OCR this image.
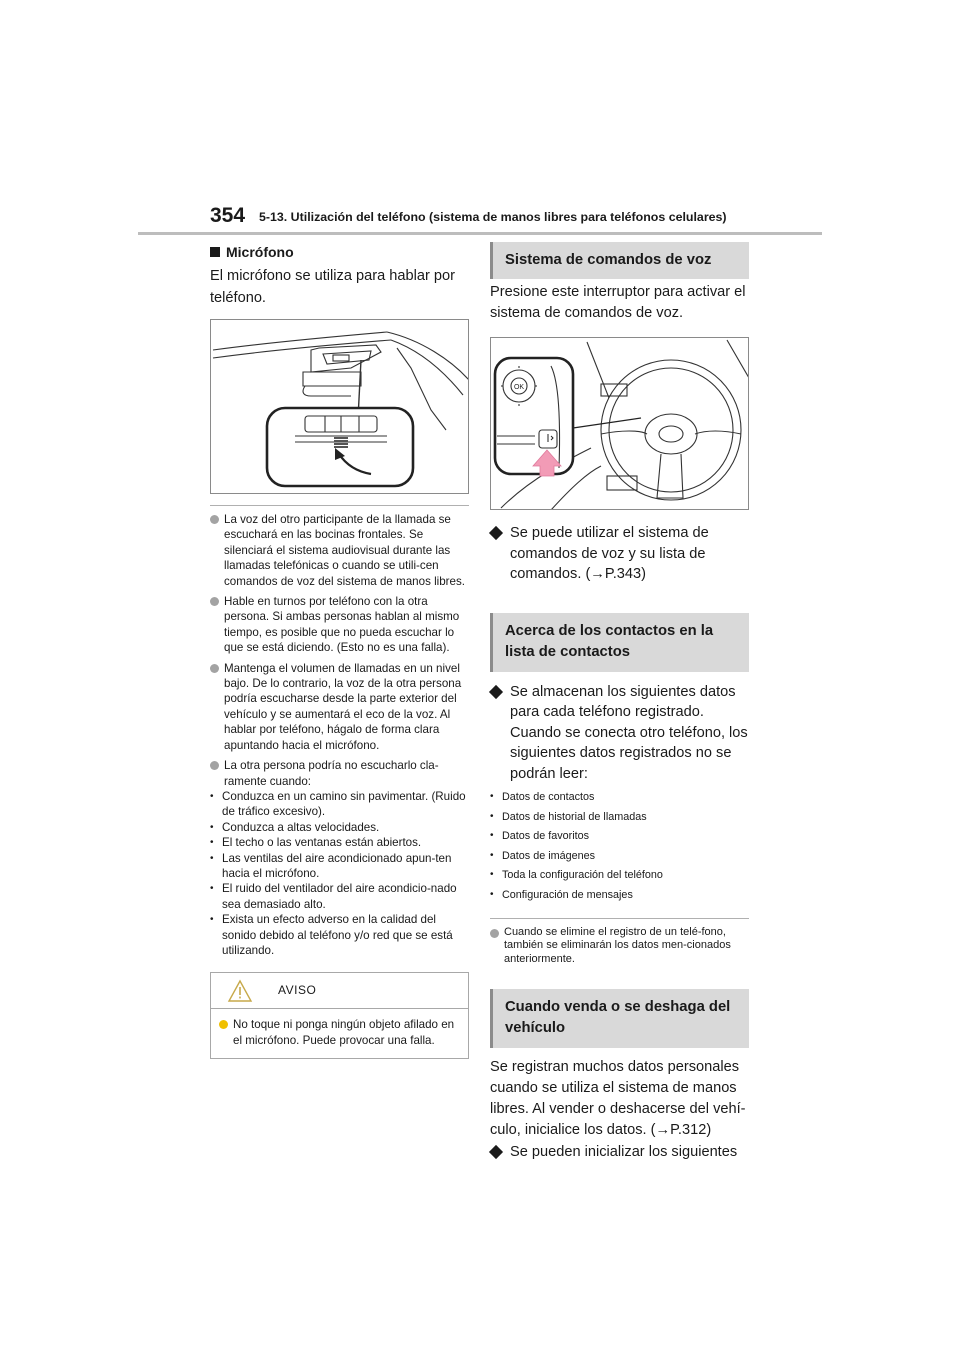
354 5-13. Utilización del teléfono (sistema de manos libres para teléfonos celulares)
Micrófono

El micrófono se utiliza para hablar por teléfono.

La voz del otro participante de la llamada se escuchará en las bocinas frontales. Se silenciará el sistema audiovisual durante las llamadas telefónicas o cuando se utili-cen comandos de voz del sistema de manos libres.
Hable en turnos por teléfono con la otra persona. Si ambas personas hablan al mismo tiempo, es posible que no pueda escuchar lo que se está diciendo. (Esto no es una falla).
Mantenga el volumen de llamadas en un nivel bajo. De lo contrario, la voz de la otra persona podría escucharse desde la parte exterior del vehículo y se aumentará el eco de la voz. Al hablar por teléfono, hágalo de forma clara apuntando hacia el micrófono.
La otra persona podría no escucharlo cla-ramente cuando:
• Conduzca en un camino sin pavimentar. (Ruido de tráfico excesivo).
• Conduzca a altas velocidades.
• El techo o las ventanas están abiertos.
• Las ventilas del aire acondicionado apun-ten hacia el micrófono.
• El ruido del ventilador del aire acondicio-nado sea demasiado alto.
• Exista un efecto adverso en la calidad del sonido debido al teléfono y/o red que se está utilizando.
AVISO
No toque ni ponga ningún objeto afilado en el micrófono. Puede provocar una falla.
Sistema de comandos de voz

Presione este interruptor para activar el sistema de comandos de voz.

OK
Se puede utilizar el sistema de comandos de voz y su lista de comandos. (→P.343)
Acerca de los contactos en la lista de contactos
Se almacenan los siguientes datos para cada teléfono registrado. Cuando se conecta otro teléfono, los siguientes datos registrados no se podrán leer:
• Datos de contactos
• Datos de historial de llamadas
• Datos de favoritos
• Datos de imágenes
• Toda la configuración del teléfono
• Configuración de mensajes
Cuando se elimine el registro de un telé-fono, también se eliminarán los datos men-cionados anteriormente.
Cuando venda o se deshaga del vehículo

Se registran muchos datos personales cuando se utiliza el sistema de manos libres. Al vender o deshacerse del vehí-culo, inicialice los datos. (→P.312)

Se pueden inicializar los siguientes
